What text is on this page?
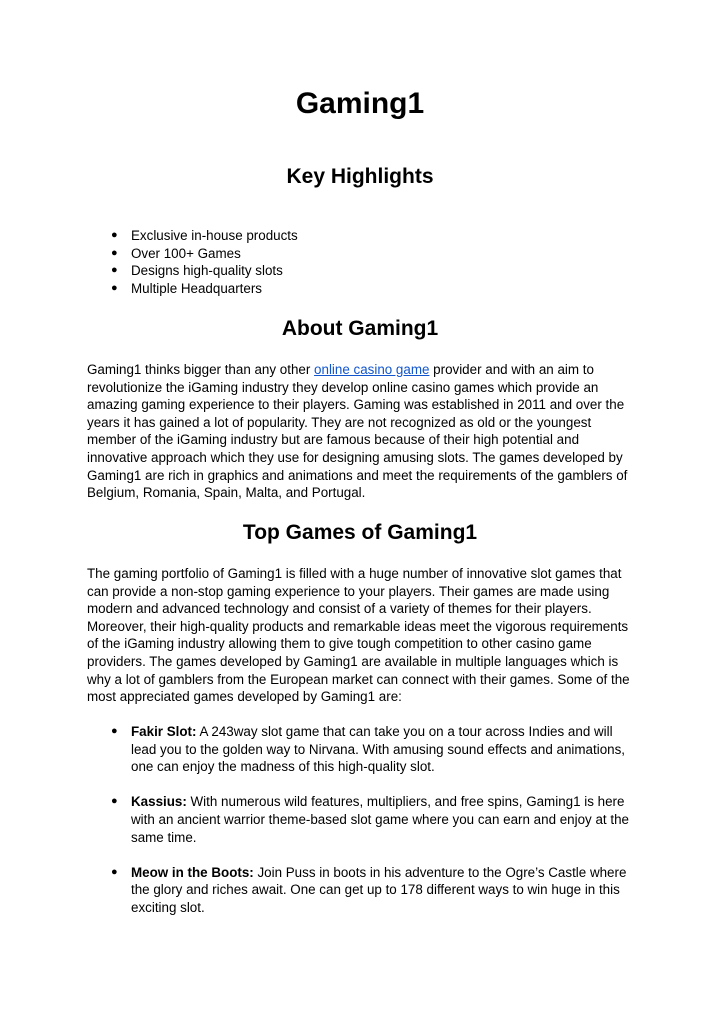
Gaming1
Key Highlights
● Exclusive in-house products
● Over 100+ Games
● Designs high-quality slots
● Multiple Headquarters
About Gaming1

Gaming1 thinks bigger than any other online casino game provider and with an aim to revolutionize the iGaming industry they develop online casino games which provide an amazing gaming experience to their players. Gaming was established in 2011 and over the years it has gained a lot of popularity. They are not recognized as old or the youngest member of the iGaming industry but are famous because of their high potential and innovative approach which they use for designing amusing slots. The games developed by Gaming1 are rich in graphics and animations and meet the requirements of the gamblers of Belgium, Romania, Spain, Malta, and Portugal.

Top Games of Gaming1

The gaming portfolio of Gaming1 is filled with a huge number of innovative slot games that can provide a non-stop gaming experience to your players. Their games are made using modern and advanced technology and consist of a variety of themes for their players. Moreover, their high-quality products and remarkable ideas meet the vigorous requirements of the iGaming industry allowing them to give tough competition to other casino game providers. The games developed by Gaming1 are available in multiple languages which is why a lot of gamblers from the European market can connect with their games. Some of the most appreciated games developed by Gaming1 are:

● Fakir Slot: A 243way slot game that can take you on a tour across Indies and will lead you to the golden way to Nirvana. With amusing sound effects and animations, one can enjoy the madness of this high-quality slot.
● Kassius: With numerous wild features, multipliers, and free spins, Gaming1 is here with an ancient warrior theme-based slot game where you can earn and enjoy at the same time.
● Meow in the Boots: Join Puss in boots in his adventure to the Ogre’s Castle where the glory and riches await. One can get up to 178 different ways to win huge in this exciting slot.
